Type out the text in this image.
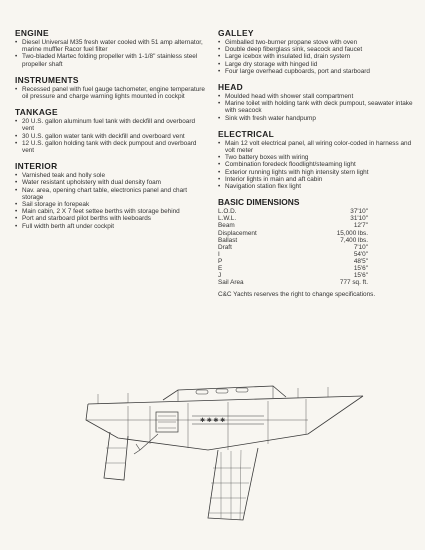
ENGINE
• Diesel Universal M35 fresh water cooled with 51 amp alternator, marine muffler Racor fuel filter
• Two-bladed Martec folding propeller with 1-1/8" stainless steel propeller shaft
INSTRUMENTS
• Recessed panel with fuel gauge tachometer, engine temperature oil pressure and charge warning lights mounted in cockpit
TANKAGE
• 20 U.S. gallon aluminum fuel tank with deckfill and overboard vent
• 30 U.S. gallon water tank with deckfill and overboard vent
• 12 U.S. gallon holding tank with deck pumpout and overboard vent
INTERIOR
• Varnished teak and holly sole
• Water resistant upholstery with dual density foam
• Nav. area, opening chart table, electronics panel and chart storage
• Sail storage in forepeak
• Main cabin, 2 X 7 feet settee berths with storage behind
• Port and starboard pilot berths with leeboards
• Full width berth aft under cockpit
GALLEY
• Gimballed two-burner propane stove with oven
• Double deep fiberglass sink, seacock and faucet
• Large icebox with insulated lid, drain system
• Large dry storage with hinged lid
• Four large overhead cupboards, port and starboard
HEAD
• Moulded head with shower stall compartment
• Marine toilet with holding tank with deck pumpout, seawater intake with seacock
• Sink with fresh water handpump
ELECTRICAL
• Main 12 volt electrical panel, all wiring color-coded in harness and volt meter
• Two battery boxes with wiring
• Combination foredeck floodlight/steaming light
• Exterior running lights with high intensity stern light
• Interior lights in main and aft cabin
• Navigation station flex light
BASIC DIMENSIONS
L.O.D.	37'10"
L.W.L.	31'10"
Beam	12'7"
Displacement	15,000 lbs.
Ballast	7,400 lbs.
Draft	7'10"
I	54'0"
P	48'5"
E	15'6"
J	15'6"
Sail Area	777 sq. ft.
C&C Yachts reserves the right to change specifications.
✱ ✱ ✱ ✱
